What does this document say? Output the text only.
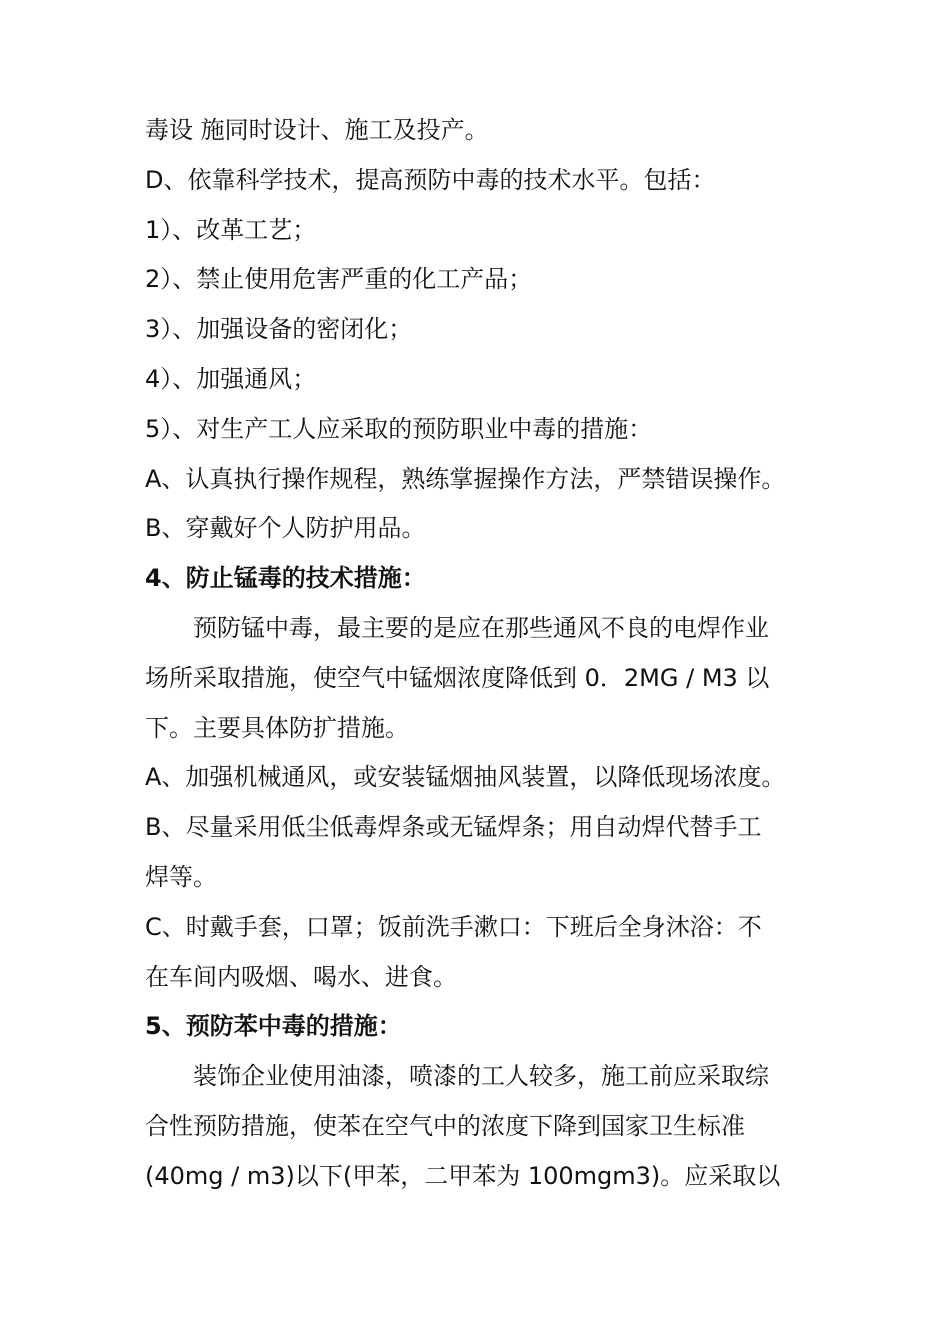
毒设 施同时设计、施工及投产。
D、依靠科学技术，提高预防中毒的技术水平。包括：
1）、改革工艺；
2）、禁止使用危害严重的化工产品；
3）、加强设备的密闭化；
4）、加强通风；
5）、对生产工人应采取的预防职业中毒的措施：
A、认真执行操作规程，熟练掌握操作方法，严禁错误操作。
B、穿戴好个人防护用品。
4、防止锰毒的技术措施：
预防锰中毒，最主要的是应在那些通风不良的电焊作业
场所采取措施，使空气中锰烟浓度降低到 0．2MG / M3 以
下。主要具体防扩措施。
A、加强机械通风，或安装锰烟抽风装置，以降低现场浓度。
B、尽量采用低尘低毒焊条或无锰焊条；用自动焊代替手工
焊等。
C、时戴手套，口罩；饭前洗手漱口：下班后全身沐浴：不
在车间内吸烟、喝水、进食。
5、预防苯中毒的措施：
装饰企业使用油漆，喷漆的工人较多，施工前应采取综
合性预防措施，使苯在空气中的浓度下降到国家卫生标准
(40mg / m3)以下(甲苯，二甲苯为 100mgm3)。应采取以
